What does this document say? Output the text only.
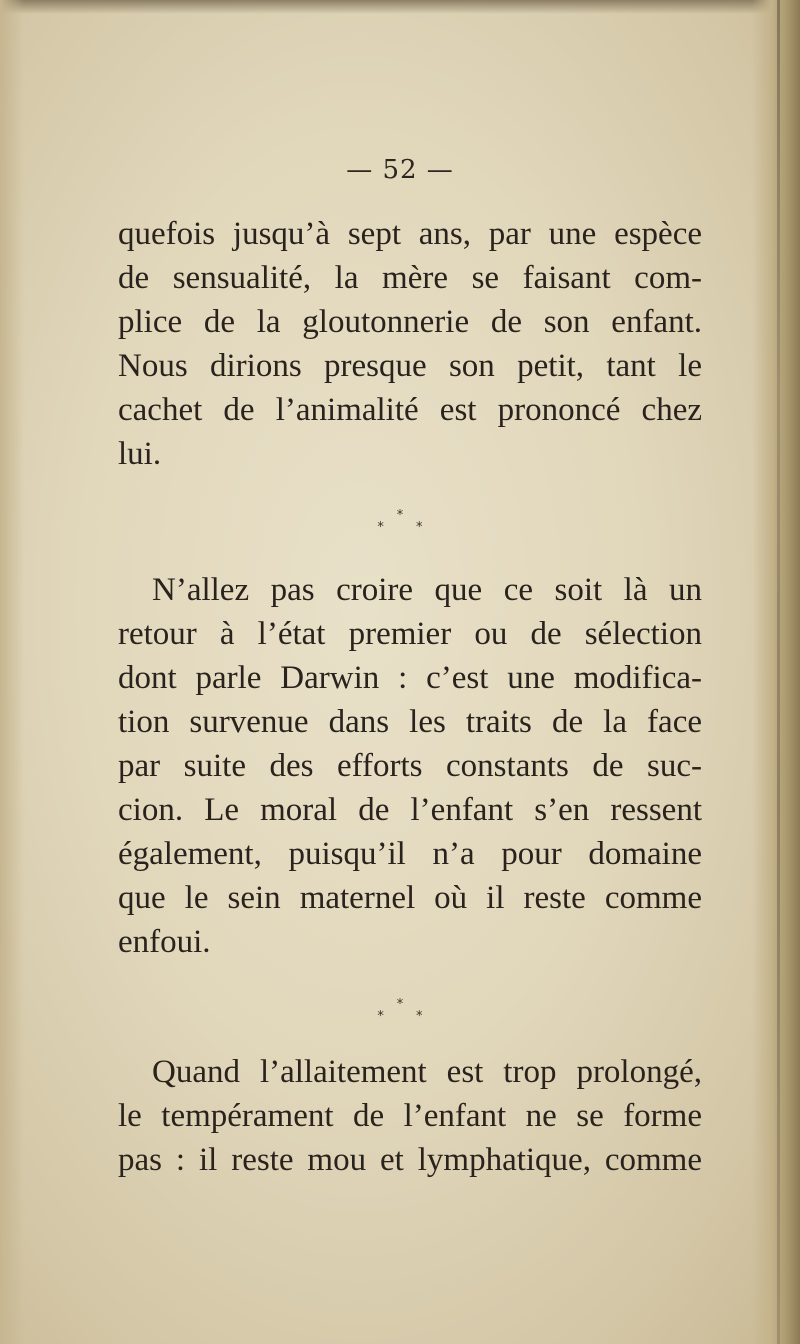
— 52 —
quefois jusqu’à sept ans, par une espèce
de sensualité, la mère se faisant com-
plice de la gloutonnerie de son enfant.
Nous dirions presque son petit, tant le
cachet de l’animalité est prononcé chez
lui.
*
* *
N’allez pas croire que ce soit là un
retour à l’état premier ou de sélection
dont parle Darwin : c’est une modifica-
tion survenue dans les traits de la face
par suite des efforts constants de suc-
cion. Le moral de l’enfant s’en ressent
également, puisqu’il n’a pour domaine
que le sein maternel où il reste comme
enfoui.
*
* *
Quand l’allaitement est trop prolongé,
le tempérament de l’enfant ne se forme
pas : il reste mou et lymphatique, comme
